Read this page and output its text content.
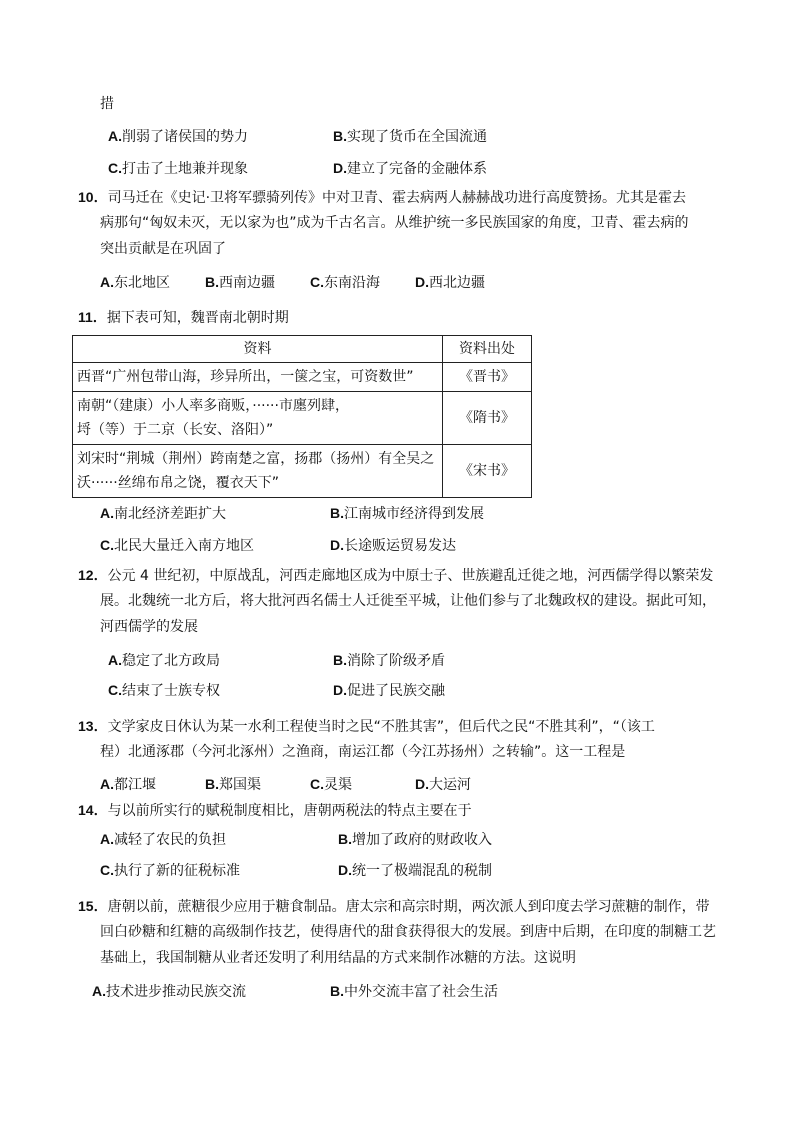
措
A.削弱了诸侯国的势力	B.实现了货币在全国流通
C.打击了土地兼并现象	D.建立了完备的金融体系
10．司马迁在《史记·卫将军骠骑列传》中对卫青、霍去病两人赫赫战功进行高度赞扬。尤其是霍去
病那句“匈奴未灭，无以家为也”成为千古名言。从维护统一多民族国家的角度，卫青、霍去病的
突出贡献是在巩固了
A.东北地区	B.西南边疆	C.东南沿海	D.西北边疆
11．据下表可知，魏晋南北朝时期
资料	资料出处
西晋“广州包带山海，珍异所出，一箧之宝，可资数世”	《晋书》
南朝“（建康）小人率多商贩，······市廛列肆，
埒（等）于二京（长安、洛阳）”	《隋书》
刘宋时“荆城（荆州）跨南楚之富，扬郡（扬州）有全吴之
沃······丝绵布帛之饶，覆衣天下”	《宋书》
A.南北经济差距扩大	B.江南城市经济得到发展
C.北民大量迁入南方地区	D.长途贩运贸易发达
12．公元 4 世纪初，中原战乱，河西走廊地区成为中原士子、世族避乱迁徙之地，河西儒学得以繁荣发
展。北魏统一北方后，将大批河西名儒士人迁徙至平城，让他们参与了北魏政权的建设。据此可知，
河西儒学的发展
A.稳定了北方政局	B.消除了阶级矛盾
C.结束了士族专权	D.促进了民族交融
13．文学家皮日休认为某一水利工程使当时之民“不胜其害”，但后代之民“不胜其利”，“（该工
程）北通涿郡（今河北涿州）之渔商，南运江都（今江苏扬州）之转输”。这一工程是
A.都江堰	B.郑国渠	C.灵渠	D.大运河
14．与以前所实行的赋税制度相比，唐朝两税法的特点主要在于
A.减轻了农民的负担	B.增加了政府的财政收入
C.执行了新的征税标准	D.统一了极端混乱的税制
15．唐朝以前，蔗糖很少应用于糖食制品。唐太宗和高宗时期，两次派人到印度去学习蔗糖的制作，带
回白砂糖和红糖的高级制作技艺，使得唐代的甜食获得很大的发展。到唐中后期，在印度的制糖工艺
基础上，我国制糖从业者还发明了利用结晶的方式来制作冰糖的方法。这说明
A.技术进步推动民族交流	B.中外交流丰富了社会生活
